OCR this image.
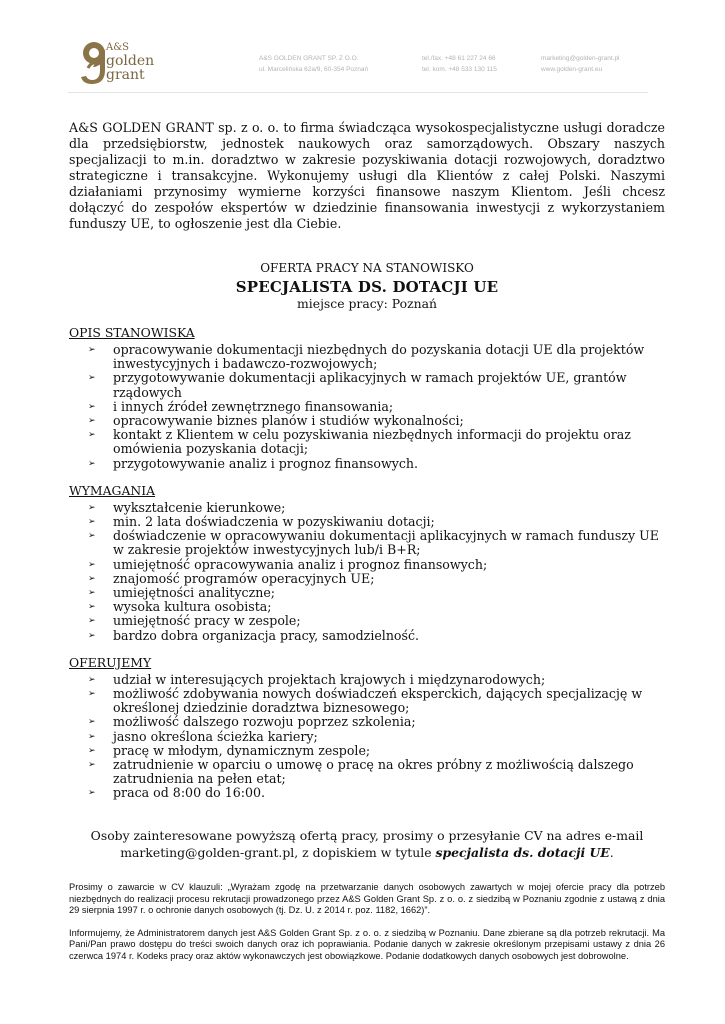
A&S
golden
grant
A&S GOLDEN GRANT SP. Z O.O.
ul. Marcelińska 62a/9, 60-354 Poznań
tel./fax. +48 61 227 24 66
tel. kom. +48 533 130 115
marketing@golden-grant.pl
www.golden-grant.eu

A&S GOLDEN GRANT sp. z o. o. to firma świadcząca wysokospecjalistyczne usługi doradcze dla przedsiębiorstw, jednostek naukowych oraz samorządowych. Obszary naszych specjalizacji to m.in. doradztwo w zakresie pozyskiwania dotacji rozwojowych, doradztwo strategiczne i transakcyjne. Wykonujemy usługi dla Klientów z całej Polski. Naszymi działaniami przynosimy wymierne korzyści finansowe naszym Klientom. Jeśli chcesz dołączyć do zespołów ekspertów w dziedzinie finansowania inwestycji z wykorzystaniem funduszy UE, to ogłoszenie jest dla Ciebie.

OFERTA PRACY NA STANOWISKO
SPECJALISTA DS. DOTACJI UE
miejsce pracy: Poznań
OPIS STANOWISKA
➢ opracowywanie dokumentacji niezbędnych do pozyskania dotacji UE dla projektów inwestycyjnych i badawczo-rozwojowych;
➢ przygotowywanie dokumentacji aplikacyjnych w ramach projektów UE, grantów rządowych
➢ i innych źródeł zewnętrznego finansowania;
➢ opracowywanie biznes planów i studiów wykonalności;
➢ kontakt z Klientem w celu pozyskiwania niezbędnych informacji do projektu oraz omówienia pozyskania dotacji;
➢ przygotowywanie analiz i prognoz finansowych.
WYMAGANIA
➢ wykształcenie kierunkowe;
➢ min. 2 lata doświadczenia w pozyskiwaniu dotacji;
➢ doświadczenie w opracowywaniu dokumentacji aplikacyjnych w ramach funduszy UE w zakresie projektów inwestycyjnych lub/i B+R;
➢ umiejętność opracowywania analiz i prognoz finansowych;
➢ znajomość programów operacyjnych UE;
➢ umiejętności analityczne;
➢ wysoka kultura osobista;
➢ umiejętność pracy w zespole;
➢ bardzo dobra organizacja pracy, samodzielność.
OFERUJEMY
➢ udział w interesujących projektach krajowych i międzynarodowych;
➢ możliwość zdobywania nowych doświadczeń eksperckich, dających specjalizację w określonej dziedzinie doradztwa biznesowego;
➢ możliwość dalszego rozwoju poprzez szkolenia;
➢ jasno określona ścieżka kariery;
➢ pracę w młodym, dynamicznym zespole;
➢ zatrudnienie w oparciu o umowę o pracę na okres próbny z możliwością dalszego zatrudnienia na pełen etat;
➢ praca od 8:00 do 16:00.
Osoby zainteresowane powyższą ofertą pracy, prosimy o przesyłanie CV na adres e-mail
marketing@golden-grant.pl, z dopiskiem w tytule specjalista ds. dotacji UE.

Prosimy o zawarcie w CV klauzuli: „Wyrażam zgodę na przetwarzanie danych osobowych zawartych w mojej ofercie pracy dla potrzeb niezbędnych do realizacji procesu rekrutacji prowadzonego przez A&S Golden Grant Sp. z o. o. z siedzibą w Poznaniu zgodnie z ustawą z dnia 29 sierpnia 1997 r. o ochronie danych osobowych (tj. Dz. U. z 2014 r. poz. 1182, 1662)”.

Informujemy, że Administratorem danych jest A&S Golden Grant Sp. z o. o. z siedzibą w Poznaniu. Dane zbierane są dla potrzeb rekrutacji. Ma Pani/Pan prawo dostępu do treści swoich danych oraz ich poprawiania. Podanie danych w zakresie określonym przepisami ustawy z dnia 26 czerwca 1974 r. Kodeks pracy oraz aktów wykonawczych jest obowiązkowe. Podanie dodatkowych danych osobowych jest dobrowolne.
